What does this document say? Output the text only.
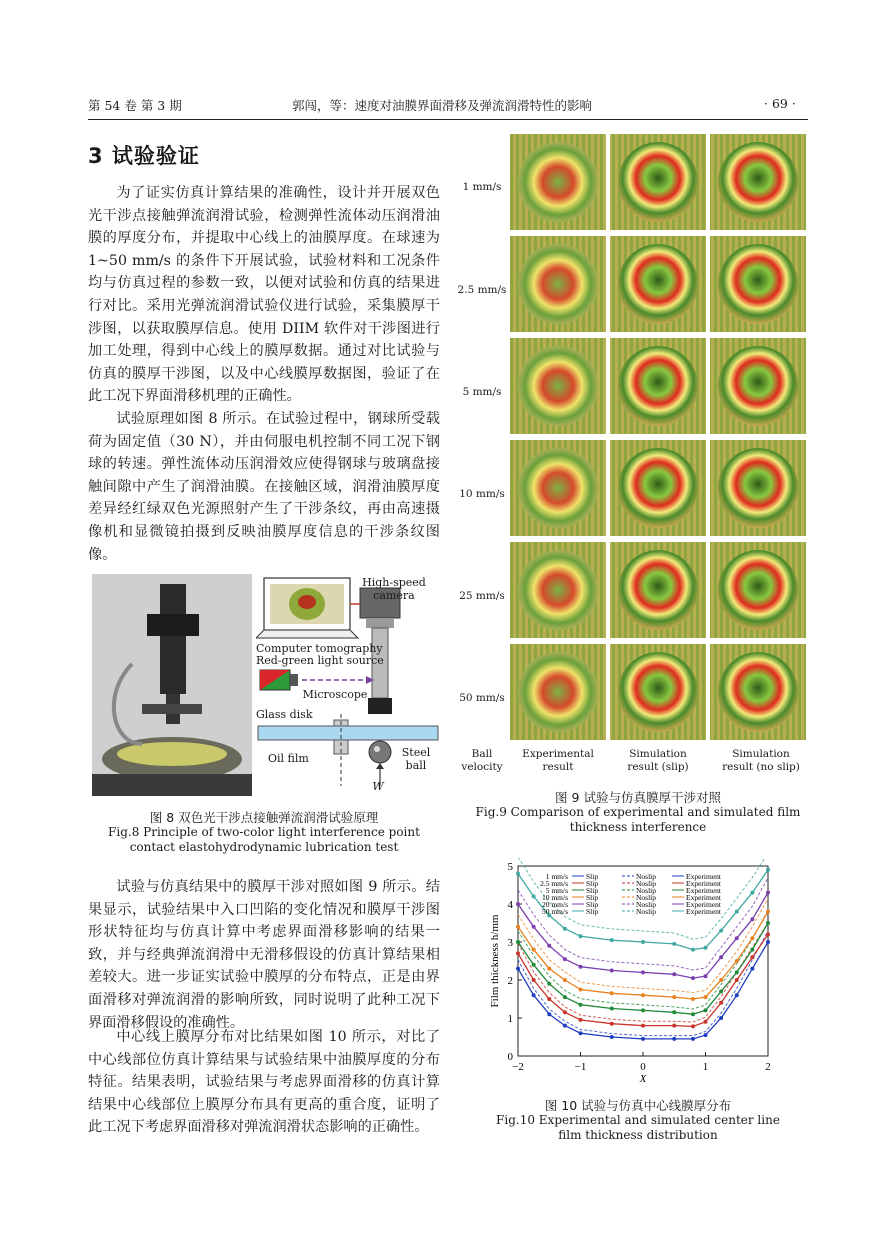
第 54 卷 第 3 期	郭闯，等：速度对油膜界面滑移及弹流润滑特性的影响	· 69 ·
3 试验验证

为了证实仿真计算结果的准确性，设计并开展双色光干涉点接触弹流润滑试验，检测弹性流体动压润滑油膜的厚度分布，并提取中心线上的油膜厚度。在球速为 1~50 mm/s 的条件下开展试验，试验材料和工况条件均与仿真过程的参数一致，以便对试验和仿真的结果进行对比。采用光弹流润滑试验仪进行试验，采集膜厚干涉图，以获取膜厚信息。使用 DIIM 软件对干涉图进行加工处理，得到中心线上的膜厚数据。通过对比试验与仿真的膜厚干涉图，以及中心线膜厚数据图，验证了在此工况下界面滑移机理的正确性。

试验原理如图 8 所示。在试验过程中，钢球所受载荷为固定值（30 N），并由伺服电机控制不同工况下钢球的转速。弹性流体动压润滑效应使得钢球与玻璃盘接触间隙中产生了润滑油膜。在接触区域，润滑油膜厚度差异经红绿双色光源照射产生了干涉条纹，再由高速摄像机和显微镜拍摄到反映油膜厚度信息的干涉条纹图像。

High-speed camera
Computer tomography
Red-green light source
Microscope
Glass disk
Oil film	Steel ball
W
图 8 双色光干涉点接触弹流润滑试验原理
Fig.8 Principle of two-color light interference point
contact elastohydrodynamic lubrication test

试验与仿真结果中的膜厚干涉对照如图 9 所示。结果显示，试验结果中入口凹陷的变化情况和膜厚干涉图形状特征均与仿真计算中考虑界面滑移影响的结果一致，并与经典弹流润滑中无滑移假设的仿真计算结果相差较大。进一步证实试验中膜厚的分布特点，正是由界面滑移对弹流润滑的影响所致，同时说明了此种工况下界面滑移假设的准确性。

中心线上膜厚分布对比结果如图 10 所示，对比了中心线部位仿真计算结果与试验结果中油膜厚度的分布特征。结果表明，试验结果与考虑界面滑移的仿真计算结果中心线部位上膜厚分布具有更高的重合度，证明了此工况下考虑界面滑移对弹流润滑状态影响的正确性。

1 mm/s
2.5 mm/s
5 mm/s
10 mm/s
25 mm/s
50 mm/s
Ball
velocity
Experimental
result
Simulation
result (slip)
Simulation
result (no slip)
图 9 试验与仿真膜厚干涉对照
Fig.9 Comparison of experimental and simulated film
thickness interference
−2	−1	0	1	2
0
1
2
3
4
5
X
Film thickness h/mm
1 mm/s Slip	Noslip	Experiment
2.5 mm/s Slip	Noslip	Experiment
5 mm/s Slip	Noslip	Experiment
10 mm/s Slip	Noslip	Experiment
20 mm/s Slip	Noslip	Experiment
50 mm/s Slip	Noslip	Experiment
图 10 试验与仿真中心线膜厚分布
Fig.10 Experimental and simulated center line
film thickness distribution
